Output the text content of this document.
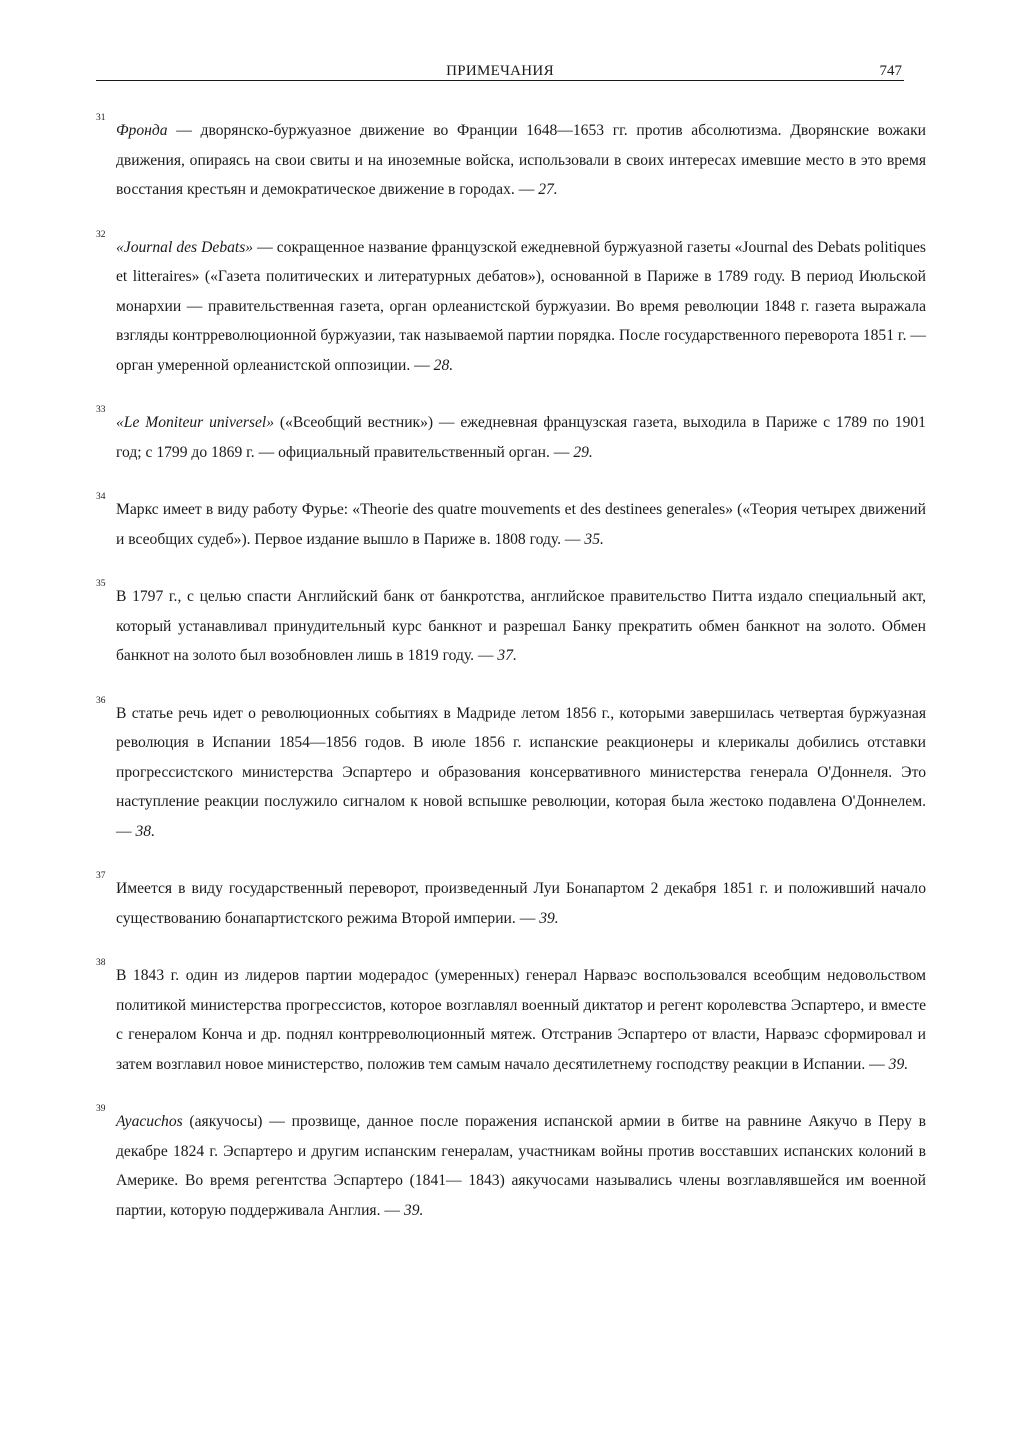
ПРИМЕЧАНИЯ	747

31
Фронда — дворянско-буржуазное движение во Франции 1648—1653 гг. против абсолютизма. Дворянские вожаки движения, опираясь на свои свиты и на иноземные войска, использовали в своих интересах имевшие место в это время восстания крестьян и демократическое движение в городах. — 27.

32
«Journal des Debats» — сокращенное название французской ежедневной буржуазной газеты «Journal des Debats politiques et litteraires» («Газета политических и литературных дебатов»), основанной в Париже в 1789 году. В период Июльской монархии — правительственная газета, орган орлеанистской буржуазии. Во время революции 1848 г. газета выражала взгляды контрреволюционной буржуазии, так называемой партии порядка. После государственного переворота 1851 г. — орган умеренной орлеанистской оппозиции. — 28.

33
«Le Moniteur universel» («Всеобщий вестник») — ежедневная французская газета, выходила в Париже с 1789 по 1901 год; с 1799 до 1869 г. — официальный правительственный орган. — 29.

34
Маркс имеет в виду работу Фурье: «Theorie des quatre mouvements et des destinees generales» («Теория четырех движений и всеобщих судеб»). Первое издание вышло в Париже в. 1808 году. — 35.

35
В 1797 г., с целью спасти Английский банк от банкротства, английское правительство Питта издало специальный акт, который устанавливал принудительный курс банкнот и разрешал Банку прекратить обмен банкнот на золото. Обмен банкнот на золото был возобновлен лишь в 1819 году. — 37.

36
В статье речь идет о революционных событиях в Мадриде летом 1856 г., которыми завершилась четвертая буржуазная революция в Испании 1854—1856 годов. В июле 1856 г. испанские реакционеры и клерикалы добились отставки прогрессистского министерства Эспартеро и образования консервативного министерства генерала О'Доннеля. Это наступление реакции послужило сигналом к новой вспышке революции, которая была жестоко подавлена О'Доннелем. — 38.

37
Имеется в виду государственный переворот, произведенный Луи Бонапартом 2 декабря 1851 г. и положивший начало существованию бонапартистского режима Второй империи. — 39.

38
В 1843 г. один из лидеров партии модерадос (умеренных) генерал Нарваэс воспользовался всеобщим недовольством политикой министерства прогрессистов, которое возглавлял военный диктатор и регент королевства Эспартеро, и вместе с генералом Конча и др. поднял контрреволюционный мятеж. Отстранив Эспартеро от власти, Нарваэс сформировал и затем возглавил новое министерство, положив тем самым начало десятилетнему господству реакции в Испании. — 39.

39
Ayacuchos (аякучосы) — прозвище, данное после поражения испанской армии в битве на равнине Аякучо в Перу в декабре 1824 г. Эспартеро и другим испанским генералам, участникам войны против восставших испанских колоний в Америке. Во время регентства Эспартеро (1841— 1843) аякучосами назывались члены возглавлявшейся им военной партии, которую поддерживала Англия. — 39.
